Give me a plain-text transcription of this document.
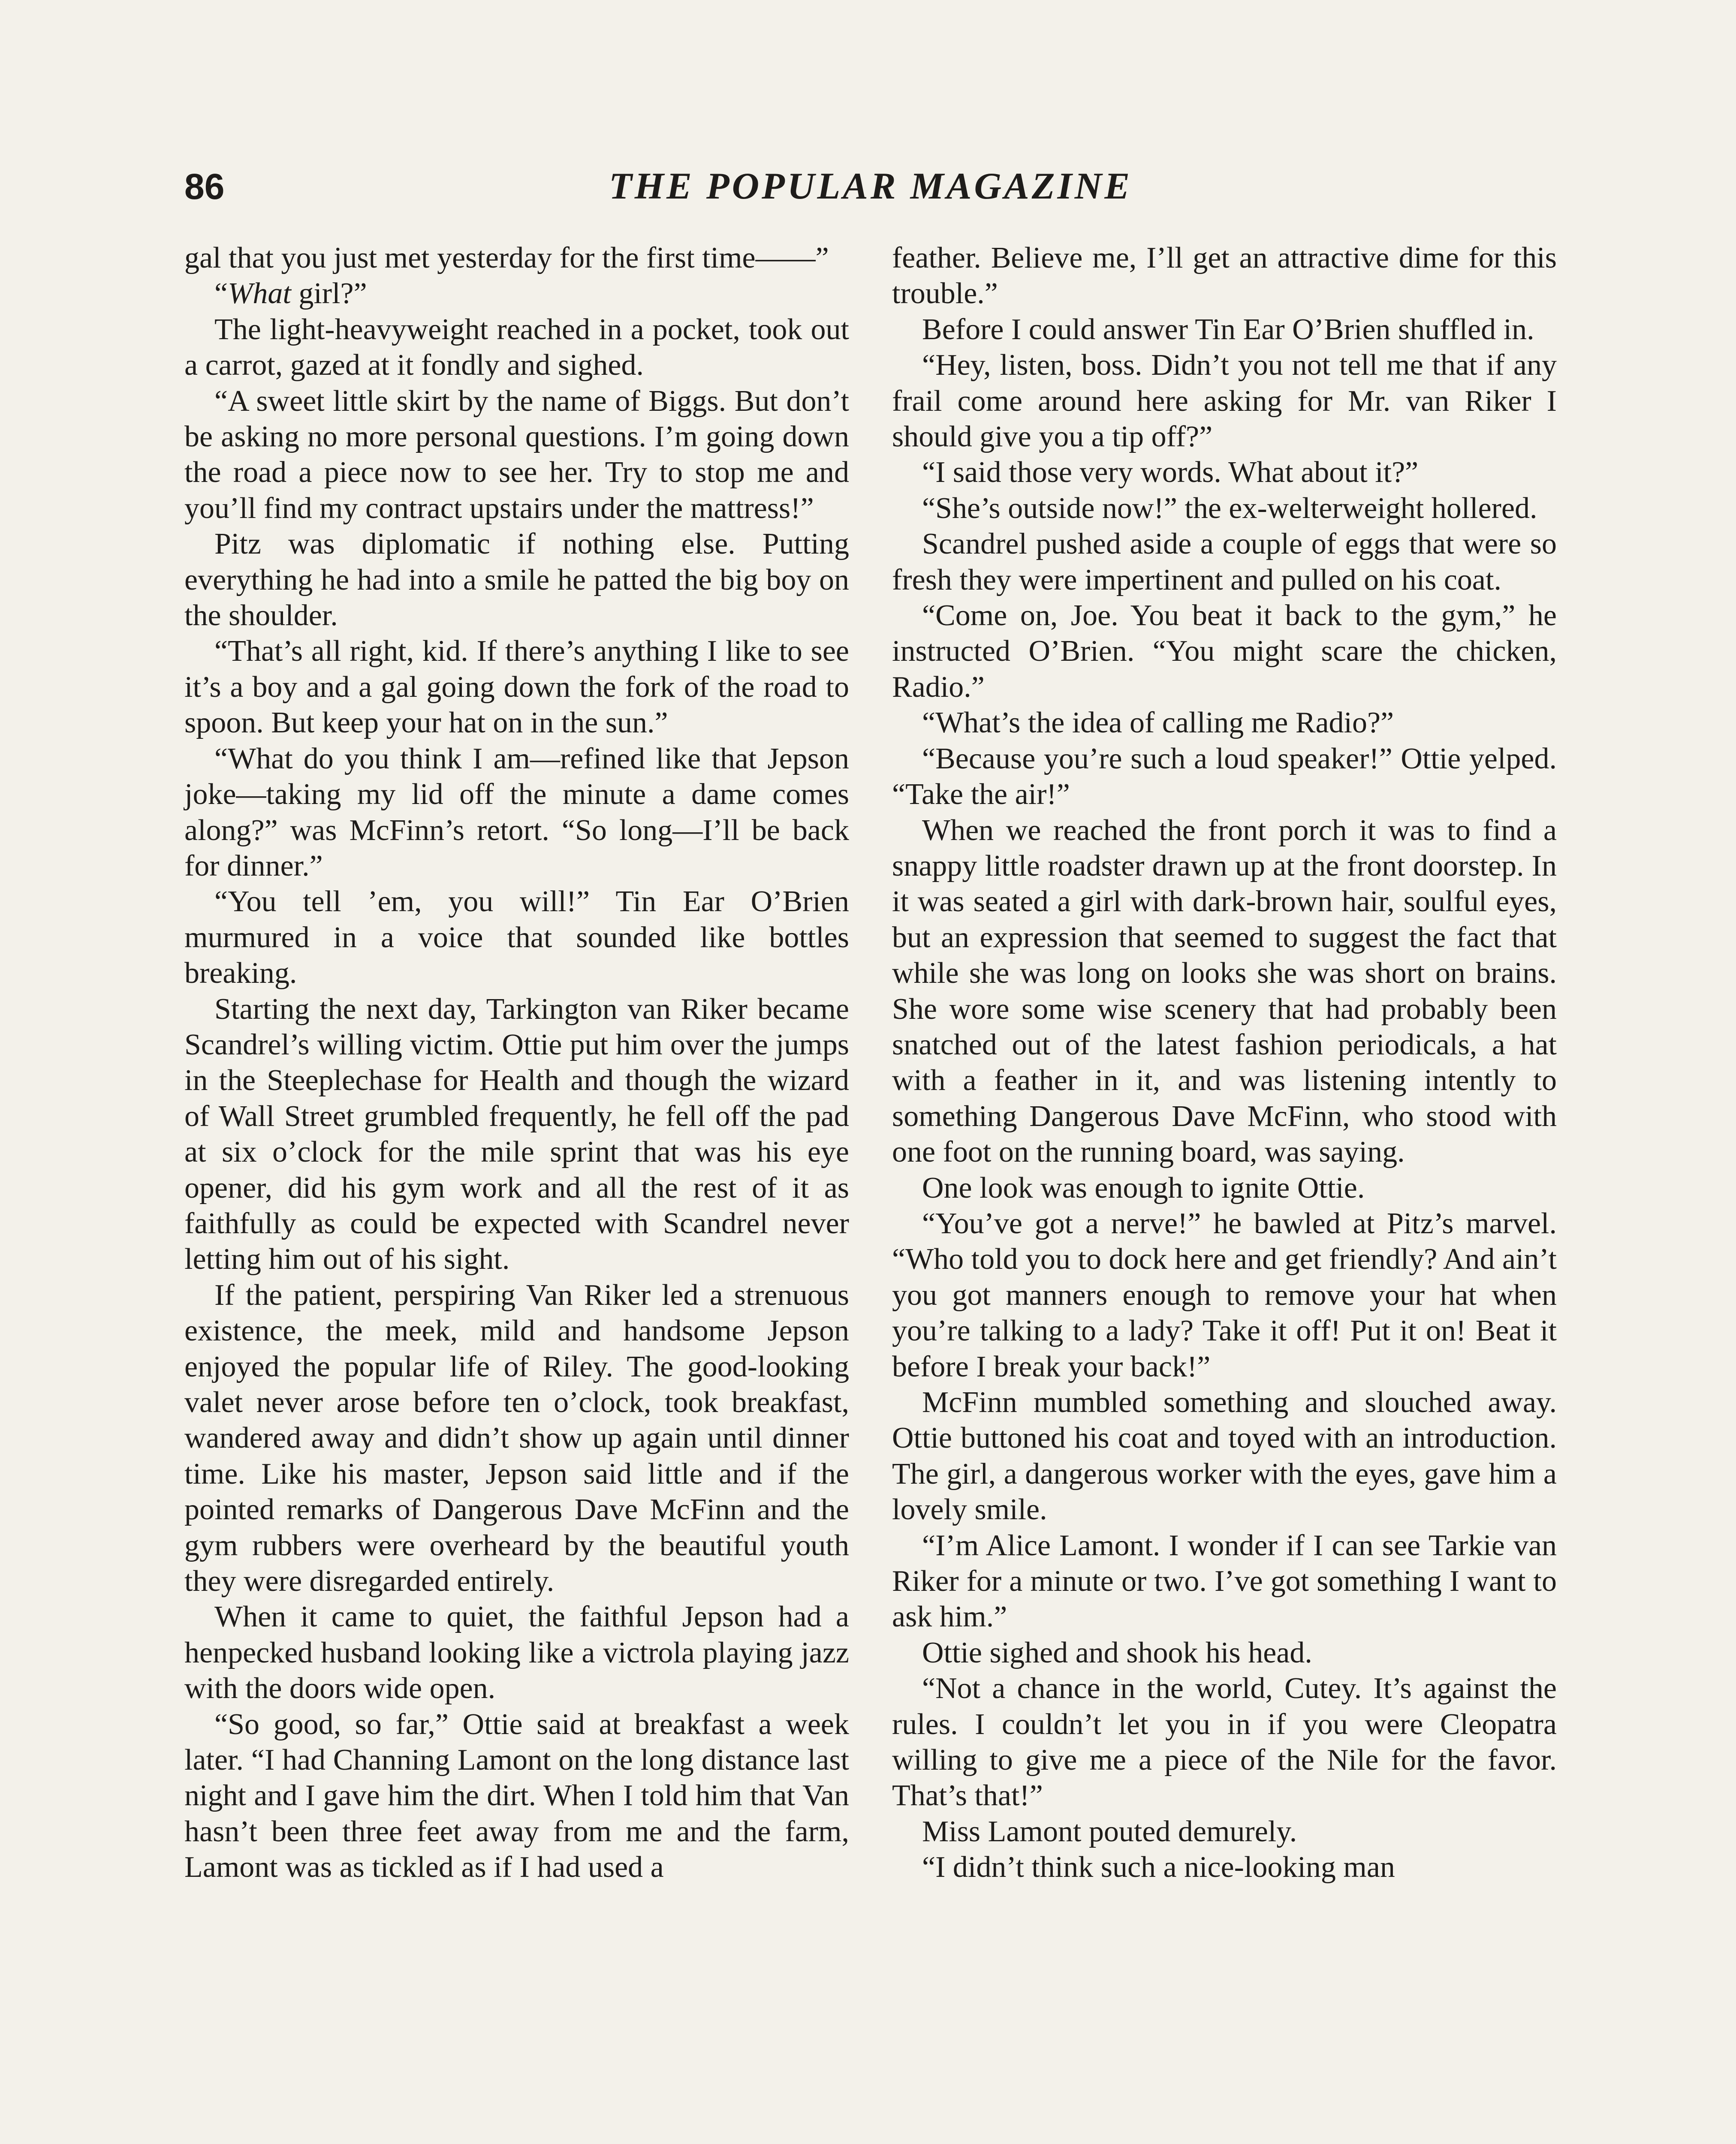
86	THE POPULAR MAGAZINE

gal that you just met yesterday for the first time——”

“What girl?”

The light-heavyweight reached in a pocket, took out a carrot, gazed at it fondly and sighed.

“A sweet little skirt by the name of Biggs. But don’t be asking no more personal questions. I’m going down the road a piece now to see her. Try to stop me and you’ll find my contract upstairs under the mattress!”

Pitz was diplomatic if nothing else. Putting everything he had into a smile he patted the big boy on the shoulder.

“That’s all right, kid. If there’s anything I like to see it’s a boy and a gal going down the fork of the road to spoon. But keep your hat on in the sun.”

“What do you think I am—refined like that Jepson joke—taking my lid off the minute a dame comes along?” was McFinn’s retort. “So long—I’ll be back for dinner.”

“You tell ’em, you will!” Tin Ear O’Brien murmured in a voice that sounded like bottles breaking.

Starting the next day, Tarkington van Riker became Scandrel’s willing victim. Ottie put him over the jumps in the Steeplechase for Health and though the wizard of Wall Street grumbled frequently, he fell off the pad at six o’clock for the mile sprint that was his eye opener, did his gym work and all the rest of it as faithfully as could be expected with Scandrel never letting him out of his sight.

If the patient, perspiring Van Riker led a strenuous existence, the meek, mild and handsome Jepson enjoyed the popular life of Riley. The good-looking valet never arose before ten o’clock, took breakfast, wandered away and didn’t show up again until dinner time. Like his master, Jepson said little and if the pointed remarks of Dangerous Dave McFinn and the gym rubbers were overheard by the beautiful youth they were disregarded entirely.

When it came to quiet, the faithful Jepson had a henpecked husband looking like a victrola playing jazz with the doors wide open.

“So good, so far,” Ottie said at breakfast a week later. “I had Channing Lamont on the long distance last night and I gave him the dirt. When I told him that Van hasn’t been three feet away from me and the farm, Lamont was as tickled as if I had used a

feather. Believe me, I’ll get an attractive dime for this trouble.”

Before I could answer Tin Ear O’Brien shuffled in.

“Hey, listen, boss. Didn’t you not tell me that if any frail come around here asking for Mr. van Riker I should give you a tip off?”

“I said those very words. What about it?”

“She’s outside now!” the ex-welterweight hollered.

Scandrel pushed aside a couple of eggs that were so fresh they were impertinent and pulled on his coat.

“Come on, Joe. You beat it back to the gym,” he instructed O’Brien. “You might scare the chicken, Radio.”

“What’s the idea of calling me Radio?”

“Because you’re such a loud speaker!” Ottie yelped. “Take the air!”

When we reached the front porch it was to find a snappy little roadster drawn up at the front doorstep. In it was seated a girl with dark-brown hair, soulful eyes, but an expression that seemed to suggest the fact that while she was long on looks she was short on brains. She wore some wise scenery that had probably been snatched out of the latest fashion periodicals, a hat with a feather in it, and was listening intently to something Dangerous Dave McFinn, who stood with one foot on the running board, was saying.

One look was enough to ignite Ottie.

“You’ve got a nerve!” he bawled at Pitz’s marvel. “Who told you to dock here and get friendly? And ain’t you got manners enough to remove your hat when you’re talking to a lady? Take it off! Put it on! Beat it before I break your back!”

McFinn mumbled something and slouched away. Ottie buttoned his coat and toyed with an introduction. The girl, a dangerous worker with the eyes, gave him a lovely smile.

“I’m Alice Lamont. I wonder if I can see Tarkie van Riker for a minute or two. I’ve got something I want to ask him.”

Ottie sighed and shook his head.

“Not a chance in the world, Cutey. It’s against the rules. I couldn’t let you in if you were Cleopatra willing to give me a piece of the Nile for the favor. That’s that!”

Miss Lamont pouted demurely.

“I didn’t think such a nice-looking man
